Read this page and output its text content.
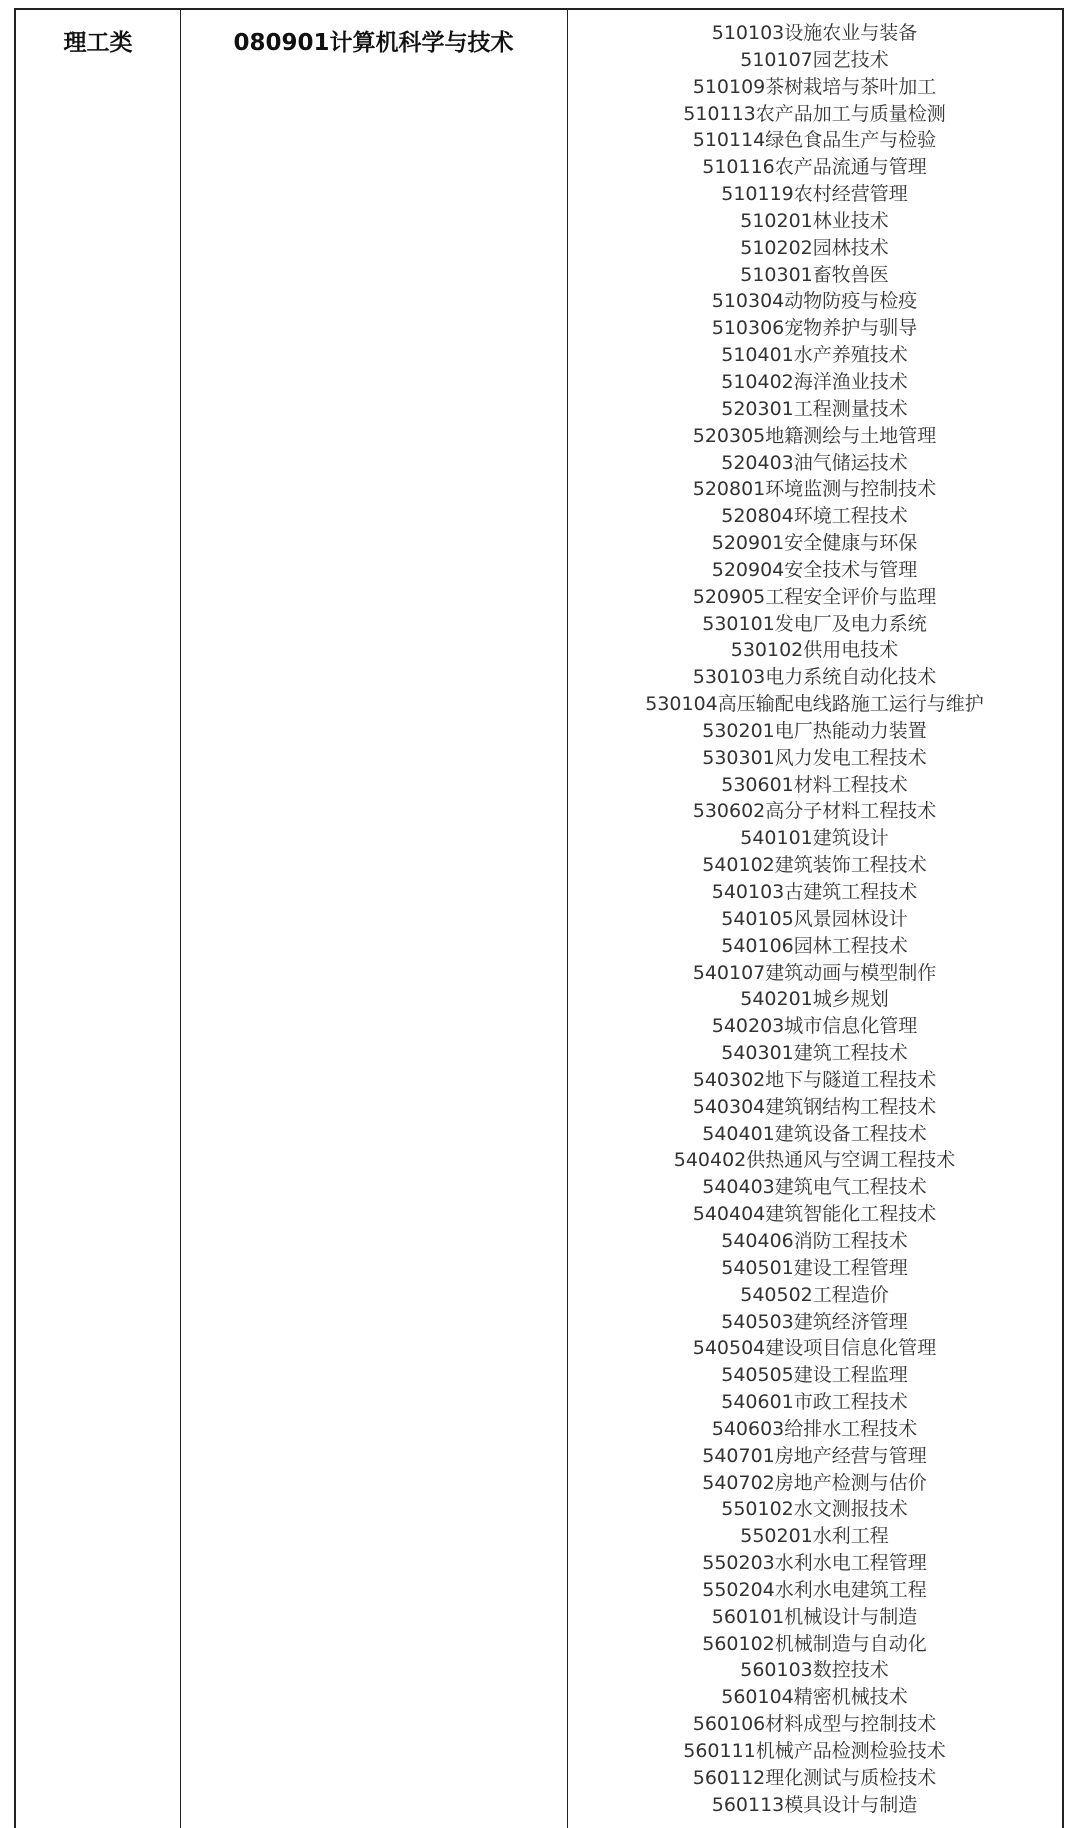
理工类	080901计算机科学与技术	510103设施农业与装备
510107园艺技术
510109茶树栽培与茶叶加工
510113农产品加工与质量检测
510114绿色食品生产与检验
510116农产品流通与管理
510119农村经营管理
510201林业技术
510202园林技术
510301畜牧兽医
510304动物防疫与检疫
510306宠物养护与驯导
510401水产养殖技术
510402海洋渔业技术
520301工程测量技术
520305地籍测绘与土地管理
520403油气储运技术
520801环境监测与控制技术
520804环境工程技术
520901安全健康与环保
520904安全技术与管理
520905工程安全评价与监理
530101发电厂及电力系统
530102供用电技术
530103电力系统自动化技术
530104高压输配电线路施工运行与维护
530201电厂热能动力装置
530301风力发电工程技术
530601材料工程技术
530602高分子材料工程技术
540101建筑设计
540102建筑装饰工程技术
540103古建筑工程技术
540105风景园林设计
540106园林工程技术
540107建筑动画与模型制作
540201城乡规划
540203城市信息化管理
540301建筑工程技术
540302地下与隧道工程技术
540304建筑钢结构工程技术
540401建筑设备工程技术
540402供热通风与空调工程技术
540403建筑电气工程技术
540404建筑智能化工程技术
540406消防工程技术
540501建设工程管理
540502工程造价
540503建筑经济管理
540504建设项目信息化管理
540505建设工程监理
540601市政工程技术
540603给排水工程技术
540701房地产经营与管理
540702房地产检测与估价
550102水文测报技术
550201水利工程
550203水利水电工程管理
550204水利水电建筑工程
560101机械设计与制造
560102机械制造与自动化
560103数控技术
560104精密机械技术
560106材料成型与控制技术
560111机械产品检测检验技术
560112理化测试与质检技术
560113模具设计与制造
